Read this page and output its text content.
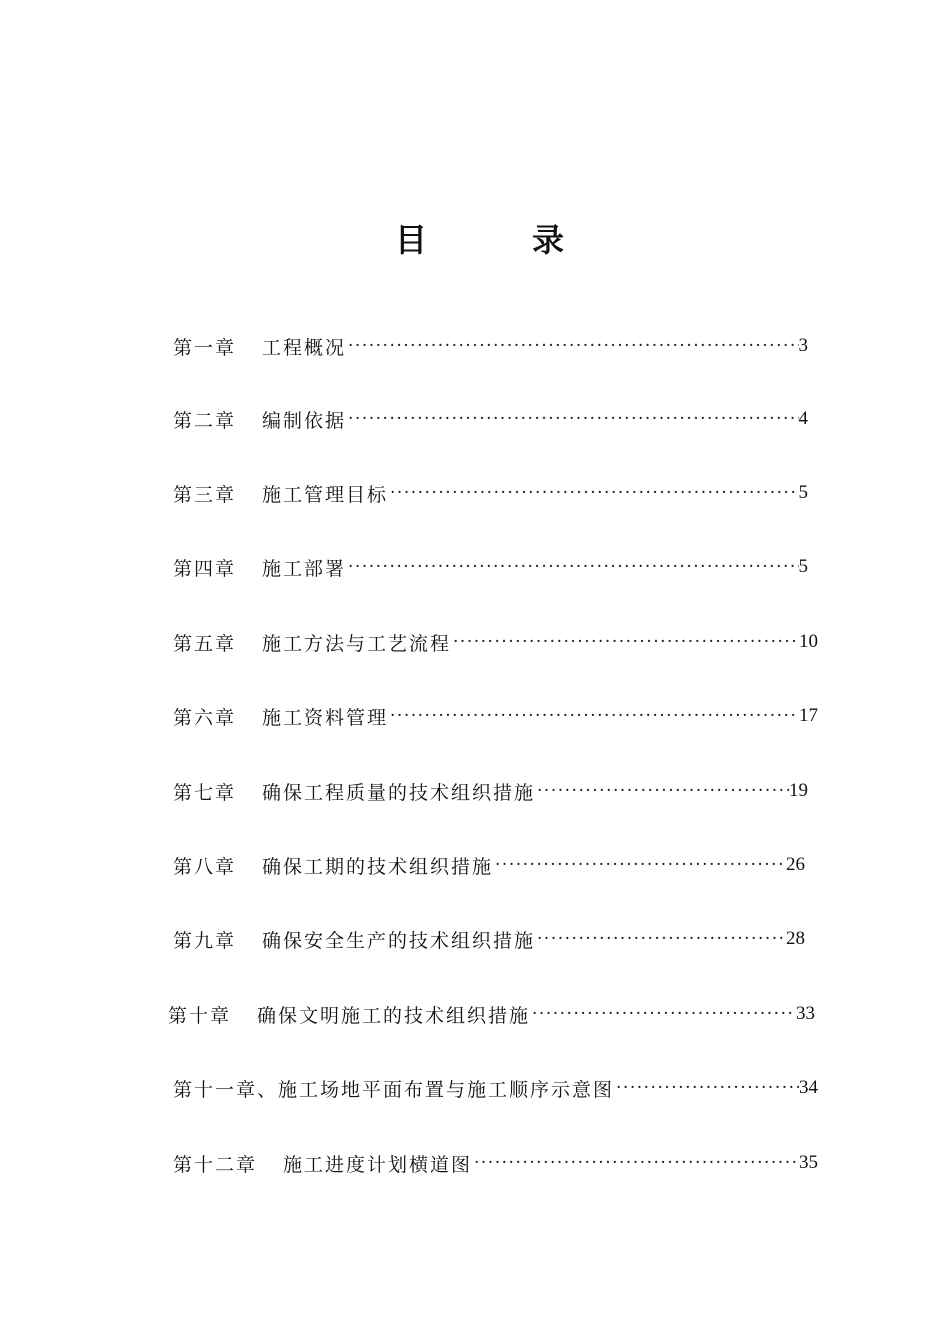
目	录
第一章 工程概况 ·····	3
第二章 编制依据 ·····	4
第三章 施工管理目标 ·····	5
第四章 施工部署 ·····	5
第五章 施工方法与工艺流程 ·····	10
第六章 施工资料管理 ·····	17
第七章 确保工程质量的技术组织措施 ·····	19
第八章 确保工期的技术组织措施 ·····	26
第九章 确保安全生产的技术组织措施 ·····	28
第十章 确保文明施工的技术组织措施 ·····	33
第十一章、 施工场地平面布置与施工顺序示意图 ·····	34
第十二章 施工进度计划横道图 ·····	35
